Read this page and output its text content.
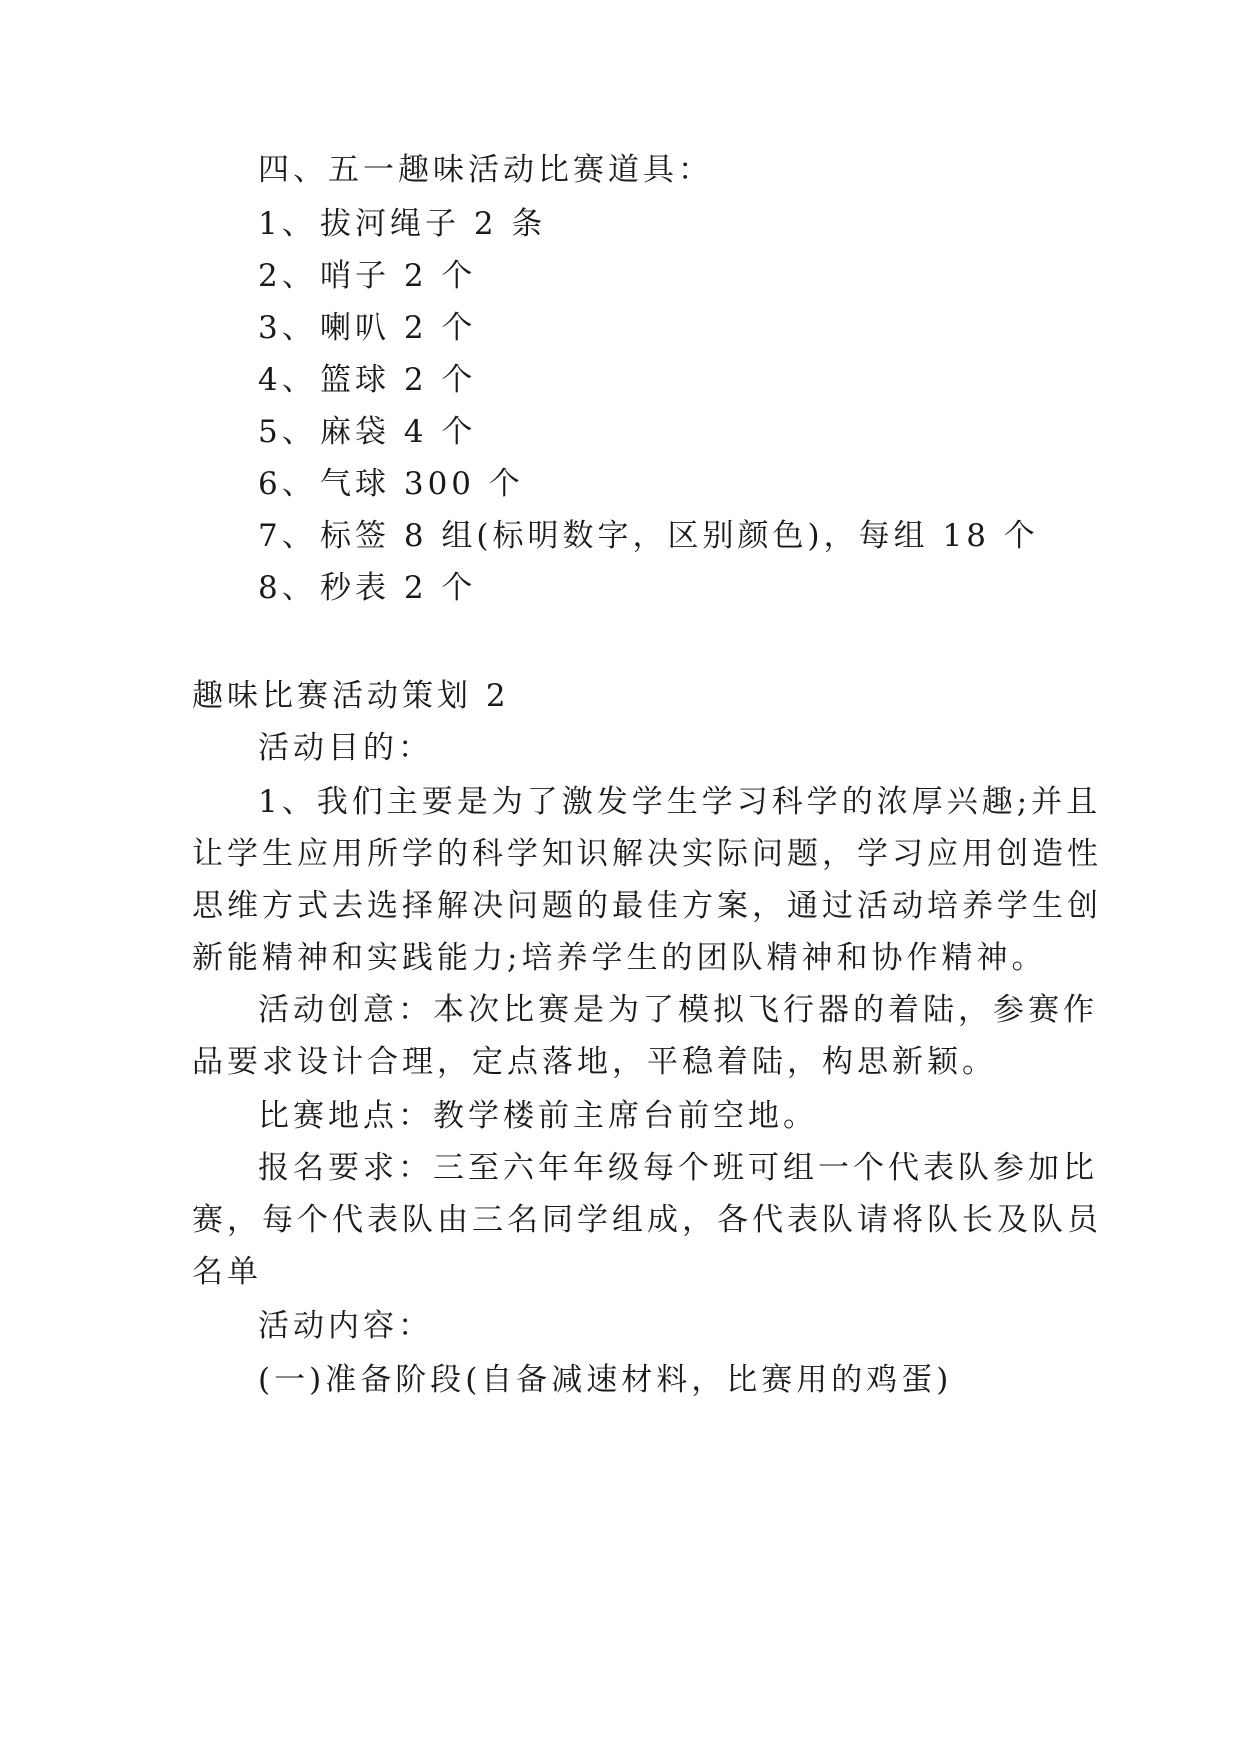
四、五一趣味活动比赛道具：
1、 拔河绳子 2 条
2、 哨子 2 个
3、 喇叭 2 个
4、 篮球 2 个
5、 麻袋 4 个
6、 气球 300 个
7、 标签 8 组(标明数字，区别颜色)，每组 18 个
8、 秒表 2 个
趣味比赛活动策划 2
活动目的：
1、我们主要是为了激发学生学习科学的浓厚兴趣;并且
让学生应用所学的科学知识解决实际问题，学习应用创造性
思维方式去选择解决问题的最佳方案，通过活动培养学生创
新能精神和实践能力;培养学生的团队精神和协作精神。
活动创意：本次比赛是为了模拟飞行器的着陆，参赛作
品要求设计合理，定点落地，平稳着陆，构思新颖。
比赛地点：教学楼前主席台前空地。
报名要求：三至六年年级每个班可组一个代表队参加比
赛，每个代表队由三名同学组成，各代表队请将队长及队员
名单
活动内容：
(一)准备阶段(自备减速材料，比赛用的鸡蛋)
